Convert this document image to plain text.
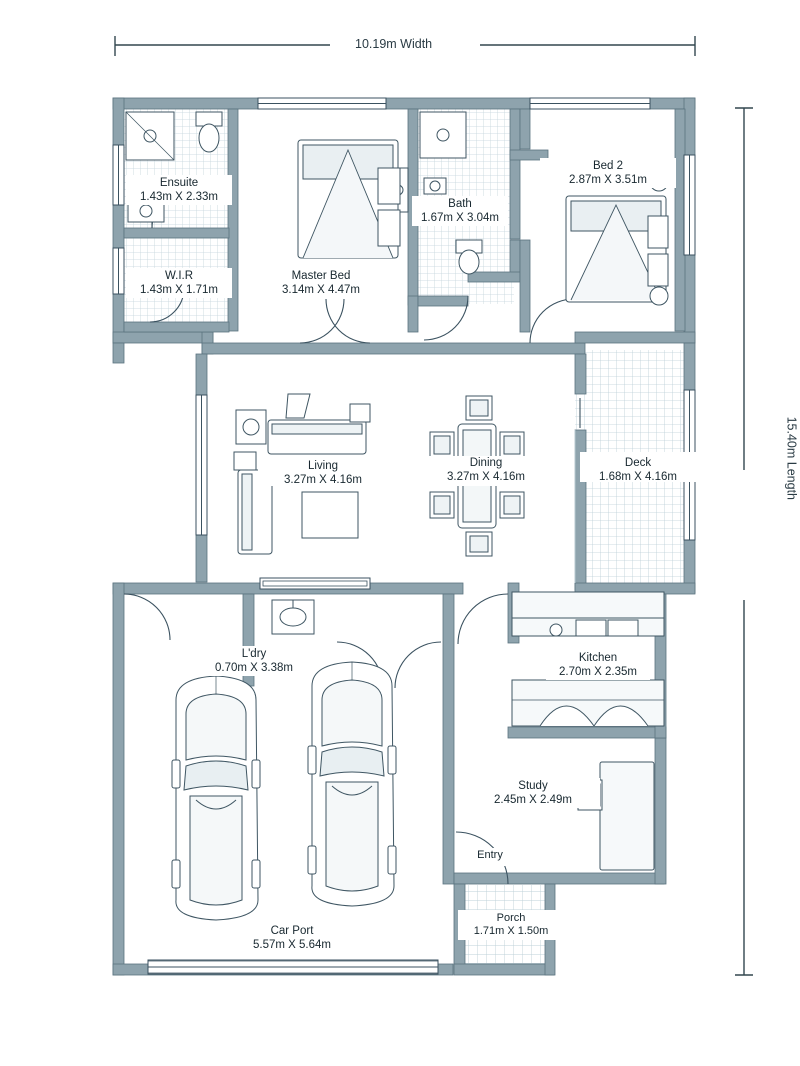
10.19m Width
15.40m Length
Ensuite
1.43m X 2.33m
W.I.R
1.43m X 1.71m
Master Bed
3.14m X 4.47m
Bath
1.67m X 3.04m
Bed 2
2.87m X 3.51m
Living
3.27m X 4.16m
Dining
3.27m X 4.16m
Deck
1.68m X 4.16m
L'dry
0.70m X 3.38m
Kitchen
2.70m X 2.35m
Study
2.45m X 2.49m
Car Port
5.57m X 5.64m
Porch
1.71m X 1.50m
Entry
